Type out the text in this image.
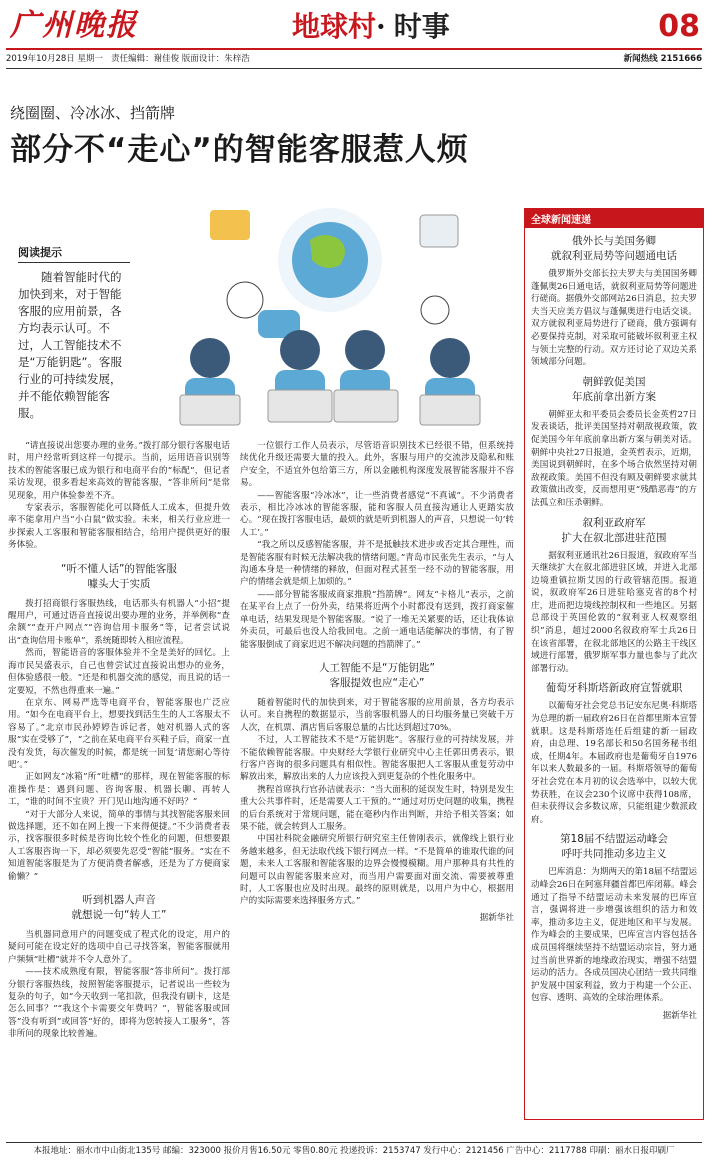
广州晚报	地球村· 时事	08
2019年10月28日 星期一 责任编辑：谢佳俊 版面设计：朱梓浩	新闻热线 2151666
绕圈圈、冷冰冰、挡箭牌
部分不“走心”的智能客服惹人烦
阅读提示
随着智能时代的加快到来，对于智能客服的应用前景，各方均表示认可。不过，人工智能技术不是“万能钥匙”。客服行业的可持续发展，并不能依赖智能客服。

“请直接说出您要办理的业务。”拨打部分银行客服电话时，用户经常听到这样一句提示。当前，运用语音识别等技术的智能客服已成为银行和电商平台的“标配”，但记者采访发现，很多看起来高效的智能客服，“答非所问”是常见现象，用户体验参差不齐。

专家表示，客服智能化可以降低人工成本，但提升效率不能拿用户当“小白鼠”做实验。未来，相关行业应进一步探索人工客服和智能客服相结合，给用户提供更好的服务体验。

“听不懂人话”的智能客服
噱头大于实质

拨打招商银行客服热线，电话那头有机器人“小招”提醒用户，可通过语音直接说出要办理的业务，并举例称“查余额”“查开户网点”“咨询信用卡服务”等，记者尝试说出“查询信用卡账单”，系统随即转入相应流程。

然而，智能语音的客服体验并不全是美好的回忆。上海市民吴盛表示，自己也曾尝试过直接说出想办的业务，但体验感很一般。“还是和机器交流的感觉，而且说的话一定要短，不然也得重来一遍。”

在京东、网易严选等电商平台，智能客服也广泛应用。“如今在电商平台上，想要找到活生生的人工客服太不容易了。”北京市民孙婷婷告诉记者，她对机器人式的客服“实在受够了”，“之前在某电商平台买鞋子后，商家一直没有发货，每次催发的时候，都是统一回复‘请您耐心等待吧’。”

正如网友“冰箱”所“吐槽”的那样，现在智能客服的标准操作是：遇到问题、咨询客服、机器长聊、再转人工，“谁的时间不宝贵？开门见山地沟通不好吗？”

“对于大部分人来说，简单的事情与其找智能客服来回做选择题，还不如在网上搜一下来得便捷。”不少消费者表示，找客服很多时候是咨询比较个性化的问题，但想要跟人工客服咨询一下，却必须要先忍受“智能”服务。“实在不知道智能客服是为了方便消费者解惑，还是为了方便商家偷懒？”

听到机器人声音
就想说一句“转人工”

当机器同意用户的问题变成了程式化的设定，用户的疑问可能在设定好的选项中自己寻找答案，智能客服就用户频频“吐槽”就并不令人意外了。

——技术成熟度有限，智能客服“答非所问”。拨打部分银行客服热线，按照智能客服提示，记者说出一些较为复杂的句子，如“今天收到一笔扣款，但我没有刷卡，这是怎么回事？”“我这个卡需要交年费吗？”，智能客服或回答“没有听到”或回答“好的，即将为您转接人工服务”，答非所问的现象比较普遍。

一位银行工作人员表示，尽管语音识别技术已经很不错，但系统持续优化升级还需要大量的投入。此外，客服与用户的交流涉及隐私和账户安全，不适宜外包给第三方，所以金融机构深度发展智能客服并不容易。

——智能客服“冷冰冰”，让一些消费者感觉“不真诚”。不少消费者表示，相比冷冰冰的智能客服，能和客服人员直接沟通让人更踏实放心。“现在拨打客服电话，最烦的就是听到机器人的声音，只想说一句‘转人工’。”

“我之所以反感智能客服，并不是抵触技术进步或否定其合理性，而是智能客服有时候无法解决我的情绪问题。”青岛市民张先生表示，“与人沟通本身是一种情绪的释放，但面对程式甚至一经不动的智能客服，用户的情绪会就是烦上加烦的。”

——部分智能客服成商家推脱“挡箭牌”。网友“卡格儿”表示，之前在某平台上点了一份外卖，结果将近两个小时都没有送到，拨打商家催单电话，结果发现是个智能客服。“说了一堆无关紧要的话，还让我体谅外卖员，可最后也没人给我回电。之前一通电话能解决的事情，有了智能客服倒成了商家迟迟不解决问题的挡箭牌了。”

人工智能不是“万能钥匙”
客服提效也应“走心”

随着智能时代的加快到来，对于智能客服的应用前景，各方均表示认可。来自携程的数据显示，当前客服机器人的日均服务量已突破千万人次，在机票、酒店售后客服总量的占比达到超过70%。

不过，人工智能技术不是“万能钥匙”。客服行业的可持续发展，并不能依赖智能客服。中央财经大学银行业研究中心主任郭田勇表示，银行客户咨询的很多问题具有相似性。智能客服把人工客服从重复劳动中解放出来，解放出来的人力应该投入到更复杂的个性化服务中。

携程首席执行官孙洁就表示：“当大面积的延误发生时，特别是发生重大公共事件时，还是需要人工干预的。”“通过对历史问题的收集，携程的后台系统对于常规问题，能在毫秒内作出判断，并给予相关答案；如果不能，就会转到人工服务。

中国社科院金融研究所银行研究室主任曾刚表示，就像线上银行业务越来越多，但无法取代线下银行网点一样。“不是简单的谁取代谁的问题，未来人工客服和智能客服的边界会慢慢模糊。用户那种具有共性的问题可以由智能客服来应对，而当用户需要面对面交流、需要被尊重时，人工客服也应及时出现。最终的原则就是，以用户为中心，根据用户的实际需要来选择服务方式。”

据新华社
全球新闻速递
俄外长与美国务卿
就叙利亚局势等问题通电话
俄罗斯外交部长拉夫罗夫与美国国务卿蓬佩奥26日通电话，就叙利亚局势等问题进行磋商。据俄外交部网站26日消息，拉夫罗夫当天应美方倡议与蓬佩奥进行电话交谈。双方就叙利亚局势进行了磋商，俄方强调有必要保持克制，对采取可能破坏叙利亚主权与领土完整的行动。双方还讨论了双边关系领域部分问题。
朝鲜敦促美国
年底前拿出新方案
朝鲜亚太和平委员会委员长金英哲27日发表谈话，批评美国坚持对朝敌视政策，敦促美国今年年底前拿出新方案与朝美对话。朝鲜中央社27日报道，金英哲表示，近期，美国说到朝鲜时，在多个场合依然坚持对朝敌视政策。美国不但没有顾及朝鲜要求就其政策做出改变，反而想用更“残酷恶毒”的方法孤立和压杀朝鲜。
叙利亚政府军
扩大在叙北部进驻范围
据叙利亚通讯社26日报道，叙政府军当天继续扩大在叙北部进驻区域，并进入北部边境重镇拉斯艾因的行政管辖范围。报道说，叙政府军26日进驻哈塞克省的8个村庄，进而把边境线控制权和一些地区。另据总部设于英国伦敦的“叙利亚人权观察组织”消息，超过2000名叙政府军士兵26日在该省部署，在叙北部地区的公路主干线区域进行部署，俄罗斯军事力量也参与了此次部署行动。
葡萄牙科斯塔新政府宣誓就职
以葡萄牙社会党总书记安东尼奥·科斯塔为总理的新一届政府26日在首都里斯本宣誓就职。这是科斯塔连任后组建的新一届政府，由总理、19名部长和50名国务秘书组成，任期4年。本届政府也是葡萄牙自1976年以来人数最多的一届。科斯塔领导的葡萄牙社会党在本月初的议会选举中，以较大优势获胜，在议会230个议席中获得108席，但未获得议会多数议席，只能组建少数派政府。
第18届不结盟运动峰会
呼吁共同推动多边主义
巴库消息：为期两天的第18届不结盟运动峰会26日在阿塞拜疆首都巴库闭幕。峰会通过了指导不结盟运动未来发展的巴库宣言，强调将进一步增强该组织的活力和效率，推动多边主义，促进地区和平与发展。作为峰会的主要成果，巴库宣言内容包括各成员国将继续坚持不结盟运动宗旨，努力通过当前世界新的地缘政治现实，增强不结盟运动的活力。各成员国决心团结一致共同维护发展中国家利益，致力于构建一个公正、包容、透明、高效的全球治理体系。
据新华社
本报地址：丽水市中山街北135号 邮编：323000 报价月售16.50元 零售0.80元 投递投诉：2153747 发行中心：2121456 广告中心：2117788 印刷：丽水日报印刷厂
